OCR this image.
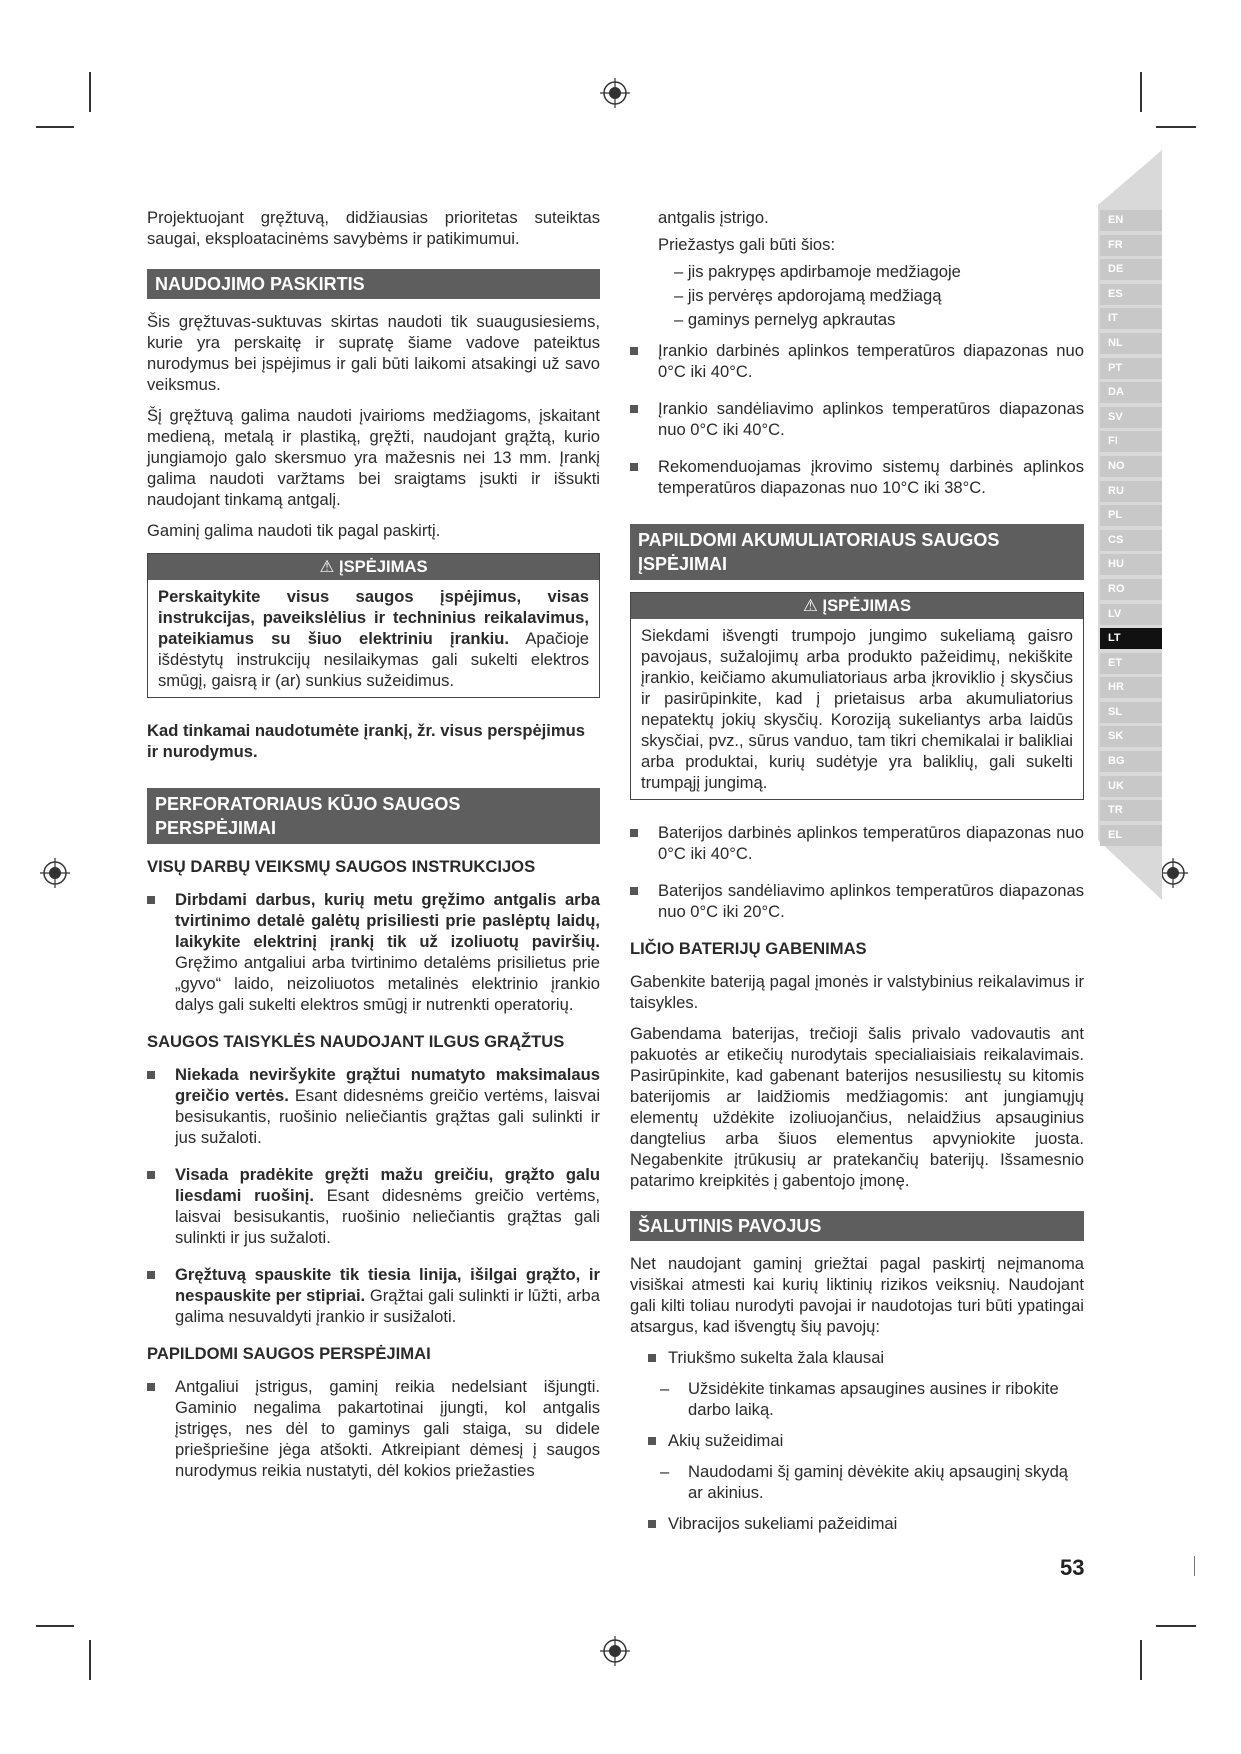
EN
FR
DE
ES
IT
NL
PT
DA
SV
FI
NO
RU
PL
CS
HU
RO
LV
LT
ET
HR
SL
SK
BG
UK
TR
EL

Projektuojant gręžtuvą, didžiausias prioritetas suteiktas saugai, eksploatacinėms savybėms ir patikimumui.

NAUDOJIMO PASKIRTIS

Šis gręžtuvas-suktuvas skirtas naudoti tik suaugusiesiems, kurie yra perskaitę ir supratę šiame vadove pateiktus nurodymus bei įspėjimus ir gali būti laikomi atsakingi už savo veiksmus.

Šį gręžtuvą galima naudoti įvairioms medžiagoms, įskaitant medieną, metalą ir plastiką, gręžti, naudojant grąžtą, kurio jungiamojo galo skersmuo yra mažesnis nei 13 mm. Įrankį galima naudoti varžtams bei sraigtams įsukti ir išsukti naudojant tinkamą antgalį.

Gaminį galima naudoti tik pagal paskirtį.

⚠ ĮSPĖJIMAS
Perskaitykite visus saugos įspėjimus, visas instrukcijas, paveikslėlius ir techninius reikalavimus, pateikiamus su šiuo elektriniu įrankiu. Apačioje išdėstytų instrukcijų nesilaikymas gali sukelti elektros smūgį, gaisrą ir (ar) sunkius sužeidimus.

Kad tinkamai naudotumėte įrankį, žr. visus perspėjimus ir nurodymus.

PERFORATORIAUS KŪJO SAUGOS
PERSPĖJIMAI
VISŲ DARBŲ VEIKSMŲ SAUGOS INSTRUKCIJOS
Dirbdami darbus, kurių metu gręžimo antgalis arba tvirtinimo detalė galėtų prisiliesti prie paslėptų laidų, laikykite elektrinį įrankį tik už izoliuotų paviršių. Gręžimo antgaliui arba tvirtinimo detalėms prisilietus prie „gyvo“ laido, neizoliuotos metalinės elektrinio įrankio dalys gali sukelti elektros smūgį ir nutrenkti operatorių.
SAUGOS TAISYKLĖS NAUDOJANT ILGUS GRĄŽTUS
Niekada neviršykite grąžtui numatyto maksimalaus greičio vertės. Esant didesnėms greičio vertėms, laisvai besisukantis, ruošinio neliečiantis grąžtas gali sulinkti ir jus sužaloti.
Visada pradėkite gręžti mažu greičiu, grąžto galu liesdami ruošinį. Esant didesnėms greičio vertėms, laisvai besisukantis, ruošinio neliečiantis grąžtas gali sulinkti ir jus sužaloti.
Gręžtuvą spauskite tik tiesia linija, išilgai grąžto, ir nespauskite per stipriai. Grąžtai gali sulinkti ir lūžti, arba galima nesuvaldyti įrankio ir susižaloti.
PAPILDOMI SAUGOS PERSPĖJIMAI
Antgaliui įstrigus, gaminį reikia nedelsiant išjungti. Gaminio negalima pakartotinai įjungti, kol antgalis įstrigęs, nes dėl to gaminys gali staiga, su didele priešpriešine jėga atšokti. Atkreipiant dėmesį į saugos nurodymus reikia nustatyti, dėl kokios priežasties

antgalis įstrigo.

Priežastys gali būti šios:

– jis pakrypęs apdirbamoje medžiagoje
– jis pervėręs apdorojamą medžiagą
– gaminys pernelyg apkrautas
Įrankio darbinės aplinkos temperatūros diapazonas nuo 0°C iki 40°C.
Įrankio sandėliavimo aplinkos temperatūros diapazonas nuo 0°C iki 40°C.
Rekomenduojamas įkrovimo sistemų darbinės aplinkos temperatūros diapazonas nuo 10°C iki 38°C.
PAPILDOMI AKUMULIATORIAUS SAUGOS
ĮSPĖJIMAI
⚠ ĮSPĖJIMAS
Siekdami išvengti trumpojo jungimo sukeliamą gaisro pavojaus, sužalojimų arba produkto pažeidimų, nekiškite įrankio, keičiamo akumuliatoriaus arba įkroviklio į skysčius ir pasirūpinkite, kad į prietaisus arba akumuliatorius nepatektų jokių skysčių. Koroziją sukeliantys arba laidūs skysčiai, pvz., sūrus vanduo, tam tikri chemikalai ir balikliai arba produktai, kurių sudėtyje yra baliklių, gali sukelti trumpąjį jungimą.
Baterijos darbinės aplinkos temperatūros diapazonas nuo 0°C iki 40°C.
Baterijos sandėliavimo aplinkos temperatūros diapazonas nuo 0°C iki 20°C.
LIČIO BATERIJŲ GABENIMAS

Gabenkite bateriją pagal įmonės ir valstybinius reikalavimus ir taisykles.

Gabendama baterijas, trečioji šalis privalo vadovautis ant pakuotės ar etikečių nurodytais specialiaisiais reikalavimais. Pasirūpinkite, kad gabenant baterijos nesusiliestų su kitomis baterijomis ar laidžiomis medžiagomis: ant jungiamųjų elementų uždėkite izoliuojančius, nelaidžius apsauginius dangtelius arba šiuos elementus apvyniokite juosta. Negabenkite įtrūkusių ar pratekančių baterijų. Išsamesnio patarimo kreipkitės į gabentojo įmonę.

ŠALUTINIS PAVOJUS

Net naudojant gaminį griežtai pagal paskirtį neįmanoma visiškai atmesti kai kurių liktinių rizikos veiksnių. Naudojant gali kilti toliau nurodyti pavojai ir naudotojas turi būti ypatingai atsargus, kad išvengtų šių pavojų:

Triukšmo sukelta žala klausai
– Užsidėkite tinkamas apsaugines ausines ir ribokite darbo laiką.
Akių sužeidimai
– Naudodami šį gaminį dėvėkite akių apsauginį skydą ar akinius.
Vibracijos sukeliami pažeidimai
53
